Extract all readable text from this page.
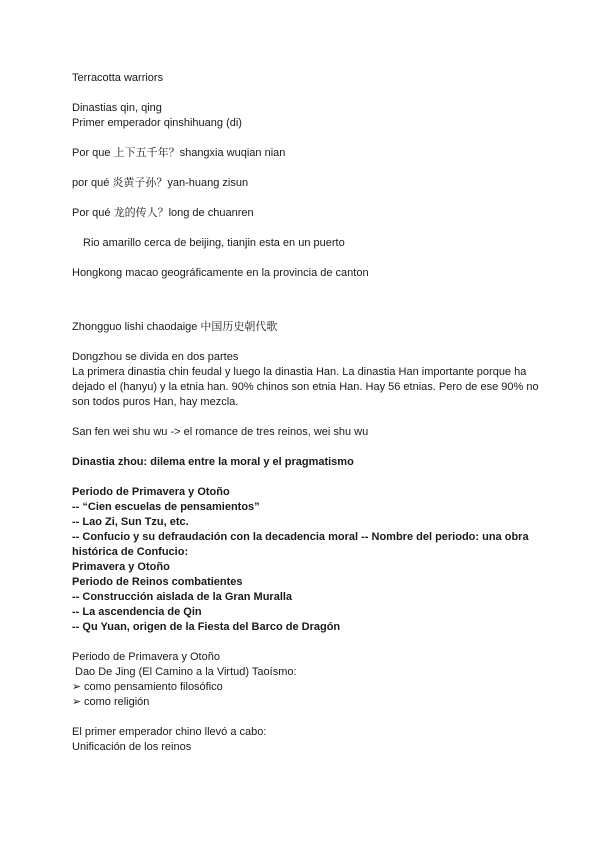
Terracotta warriors

Dinastias qin, qing

Primer emperador qinshihuang (di)

Por que 上下五千年？shangxia wuqian nian

por qué 炎黄子孙？yan-huang zisun

Por qué 龙的传人？long de chuanren

Rio amarillo cerca de beijing, tianjin esta en un puerto

Hongkong macao geográficamente en la provincia de canton

Zhongguo lishi chaodaige 中国历史朝代歌

Dongzhou se divida en dos partes

La primera dinastia chin feudal y luego la dinastia Han. La dinastia Han importante porque ha dejado el (hanyu) y la etnia han. 90% chinos son etnia Han. Hay 56 etnias. Pero de ese 90% no son todos puros Han, hay mezcla.

San fen wei shu wu -> el romance de tres reinos, wei shu wu

Dinastia zhou: dilema entre la moral y el pragmatismo

Periodo de Primavera y Otoño

-- “Cien escuelas de pensamientos”

-- Lao Zi, Sun Tzu, etc.

-- Confucio y su defraudación con la decadencia moral -- Nombre del periodo: una obra histórica de Confucio:

Primavera y Otoño

Periodo de Reinos combatientes

-- Construcción aislada de la Gran Muralla

-- La ascendencia de Qin

-- Qu Yuan, origen de la Fiesta del Barco de Dragón

Periodo de Primavera y Otoño

Dao De Jing (El Camino a la Virtud) Taoísmo:

➢ como pensamiento filosófico
➢ como religión

El primer emperador chino llevó a cabo:

Unificación de los reinos
